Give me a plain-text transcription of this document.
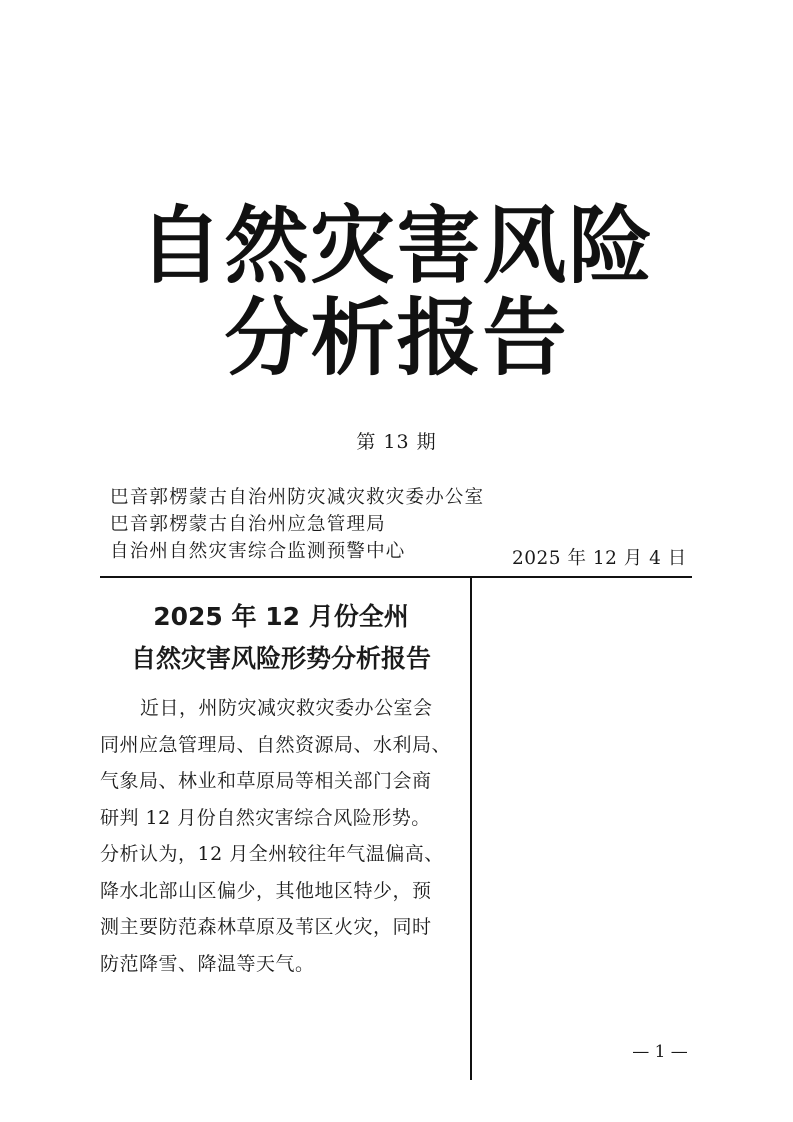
自然灾害风险
分析报告
第 13 期
巴音郭楞蒙古自治州防灾减灾救灾委办公室
巴音郭楞蒙古自治州应急管理局
自治州自然灾害综合监测预警中心	2025 年 12 月 4 日
2025 年 12 月份全州
自然灾害风险形势分析报告
近日，州防灾减灾救灾委办公室会
同州应急管理局、自然资源局、水利局、
气象局、林业和草原局等相关部门会商
研判 12 月份自然灾害综合风险形势。
分析认为，12 月全州较往年气温偏高、
降水北部山区偏少，其他地区特少，预
测主要防范森林草原及苇区火灾，同时
防范降雪、降温等天气。
— 1 —
